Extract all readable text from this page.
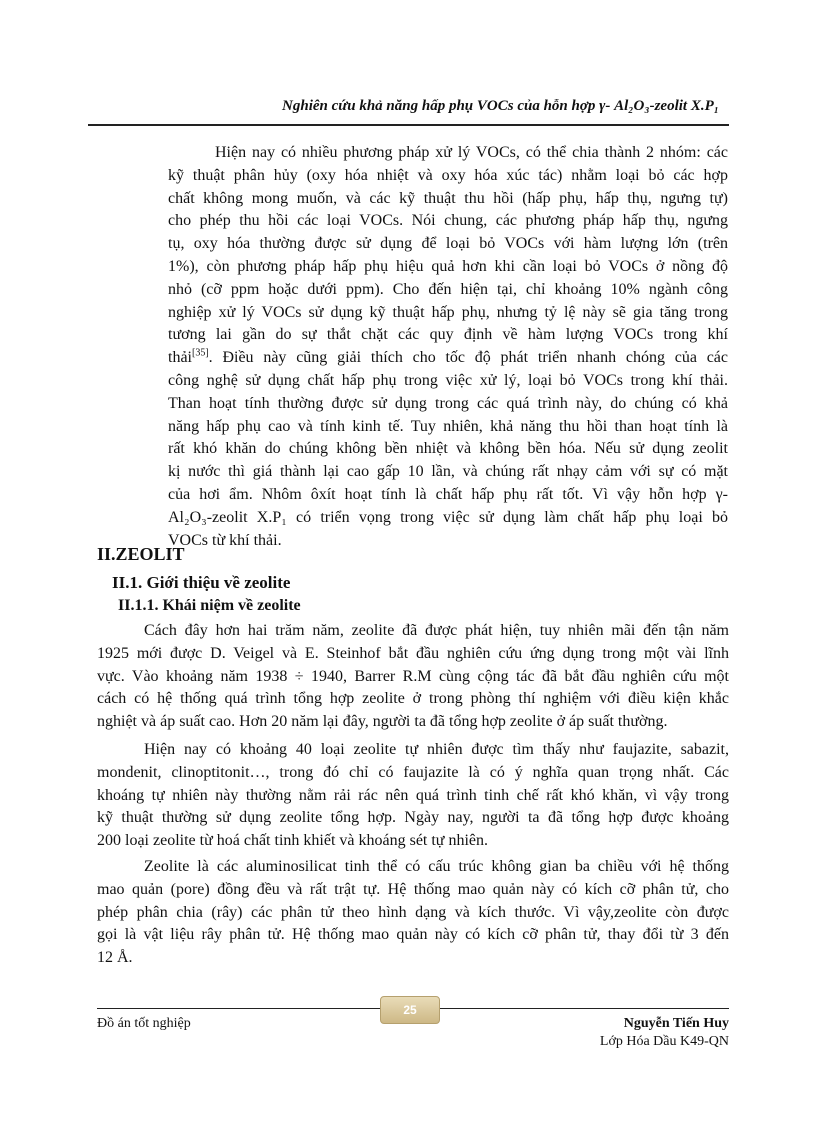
Nghiên cứu khả năng hấp phụ VOCs của hỗn hợp γ- Al₂O₃-zeolit X.P₁
Hiện nay có nhiều phương pháp xử lý VOCs, có thể chia thành 2 nhóm: các
kỹ thuật phân hủy (oxy hóa nhiệt và oxy hóa xúc tác) nhằm loại bỏ các hợp
chất không mong muốn, và các kỹ thuật thu hồi (hấp phụ, hấp thụ, ngưng tự)
cho phép thu hồi các loại VOCs. Nói chung, các phương pháp hấp thụ, ngưng
tụ, oxy hóa thường được sử dụng để loại bỏ VOCs với hàm lượng lớn (trên
1%), còn phương pháp hấp phụ hiệu quả hơn khi cần loại bỏ VOCs ở nồng độ
nhỏ (cỡ ppm hoặc dưới ppm). Cho đến hiện tại, chỉ khoảng 10% ngành công
nghiệp xử lý VOCs sử dụng kỹ thuật hấp phụ, nhưng tỷ lệ này sẽ gia tăng trong
tương lai gần do sự thắt chặt các quy định về hàm lượng VOCs trong khí
thải[35]. Điều này cũng giải thích cho tốc độ phát triển nhanh chóng của các
công nghệ sử dụng chất hấp phụ trong việc xử lý, loại bỏ VOCs trong khí thải.
Than hoạt tính thường được sử dụng trong các quá trình này, do chúng có khả
năng hấp phụ cao và tính kinh tế. Tuy nhiên, khả năng thu hồi than hoạt tính là
rất khó khăn do chúng không bền nhiệt và không bền hóa. Nếu sử dụng zeolit
kị nước thì giá thành lại cao gấp 10 lần, và chúng rất nhạy cảm với sự có mặt
của hơi ẩm. Nhôm ôxít hoạt tính là chất hấp phụ rất tốt. Vì vậy hỗn hợp γ-
Al₂O₃-zeolit X.P₁ có triển vọng trong việc sử dụng làm chất hấp phụ loại bỏ
VOCs từ khí thải.
II.ZEOLIT
II.1. Giới thiệu về zeolite
II.1.1. Khái niệm về zeolite
Cách đây hơn hai trăm năm, zeolite đã được phát hiện, tuy nhiên mãi đến tận năm
1925 mới được D. Veigel và E. Steinhof bắt đầu nghiên cứu ứng dụng trong một vài lĩnh
vực. Vào khoảng năm 1938 ÷ 1940, Barrer R.M cùng cộng tác đã bắt đầu nghiên cứu một
cách có hệ thống quá trình tổng hợp zeolite ở trong phòng thí nghiệm với điều kiện khắc
nghiệt và áp suất cao. Hơn 20 năm lại đây, người ta đã tổng hợp zeolite ở áp suất thường.
Hiện nay có khoảng 40 loại zeolite tự nhiên được tìm thấy như faujazite, sabazit,
mondenit, clinoptitonit…, trong đó chỉ có faujazite là có ý nghĩa quan trọng nhất. Các
khoáng tự nhiên này thường nằm rải rác nên quá trình tinh chế rất khó khăn, vì vậy trong
kỹ thuật thường sử dụng zeolite tổng hợp. Ngày nay, người ta đã tổng hợp được khoảng
200 loại zeolite từ hoá chất tinh khiết và khoáng sét tự nhiên.
Zeolite là các aluminosilicat tinh thể có cấu trúc không gian ba chiều với hệ thống
mao quản (pore) đồng đều và rất trật tự. Hệ thống mao quản này có kích cỡ phân tử, cho
phép phân chia (rây) các phân tử theo hình dạng và kích thước. Vì vậy,zeolite còn được
gọi là vật liệu rây phân tử. Hệ thống mao quản này có kích cỡ phân tử, thay đổi từ 3 đến
12 Å.
25
Đồ án tốt nghiệp	Nguyễn Tiến Huy
Lớp Hóa Dầu K49-QN
